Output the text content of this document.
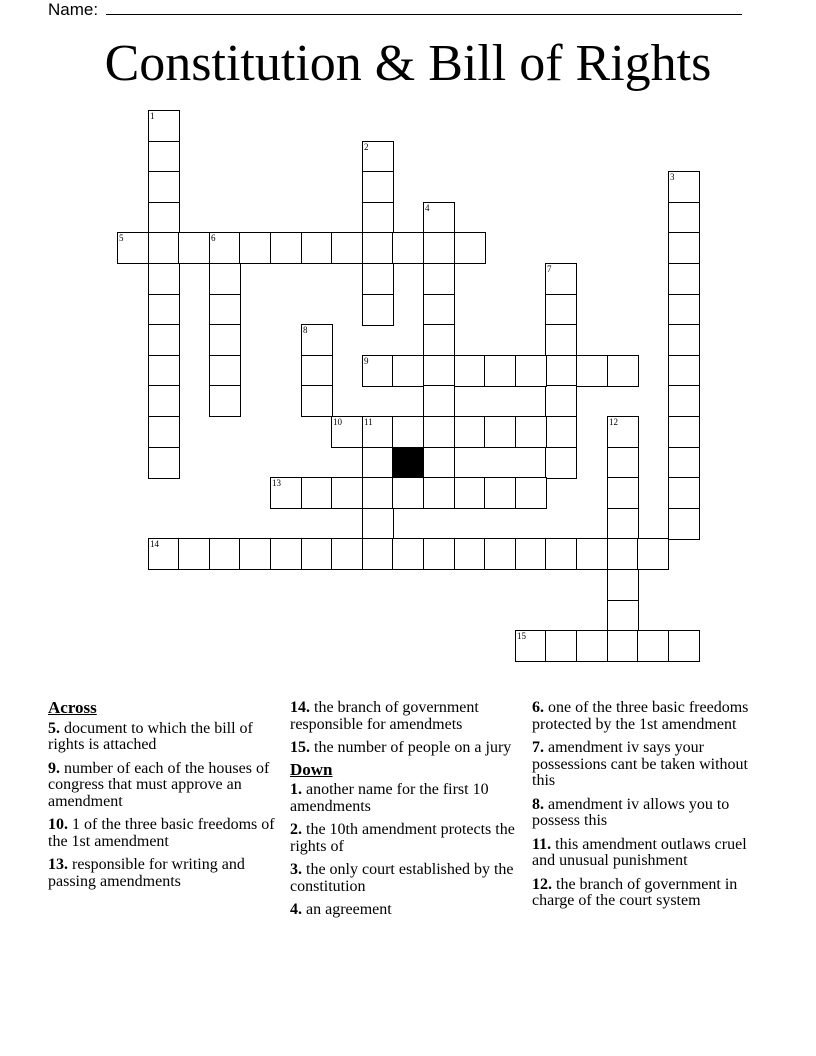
Name:
Constitution & Bill of Rights
1
2
3
4
5	6
7
8
9
10 11	12
13
14
15
Across
5. document to which the bill of rights is attached
9. number of each of the houses of congress that must approve an amendment
10. 1 of the three basic freedoms of the 1st amendment
13. responsible for writing and passing amendments
14. the branch of government responsible for amendmets
15. the number of people on a jury
Down
1. another name for the first 10 amendments
2. the 10th amendment protects the rights of
3. the only court established by the constitution
4. an agreement
6. one of the three basic freedoms protected by the 1st amendment
7. amendment iv says your possessions cant be taken without this
8. amendment iv allows you to possess this
11. this amendment outlaws cruel and unusual punishment
12. the branch of government in charge of the court system
